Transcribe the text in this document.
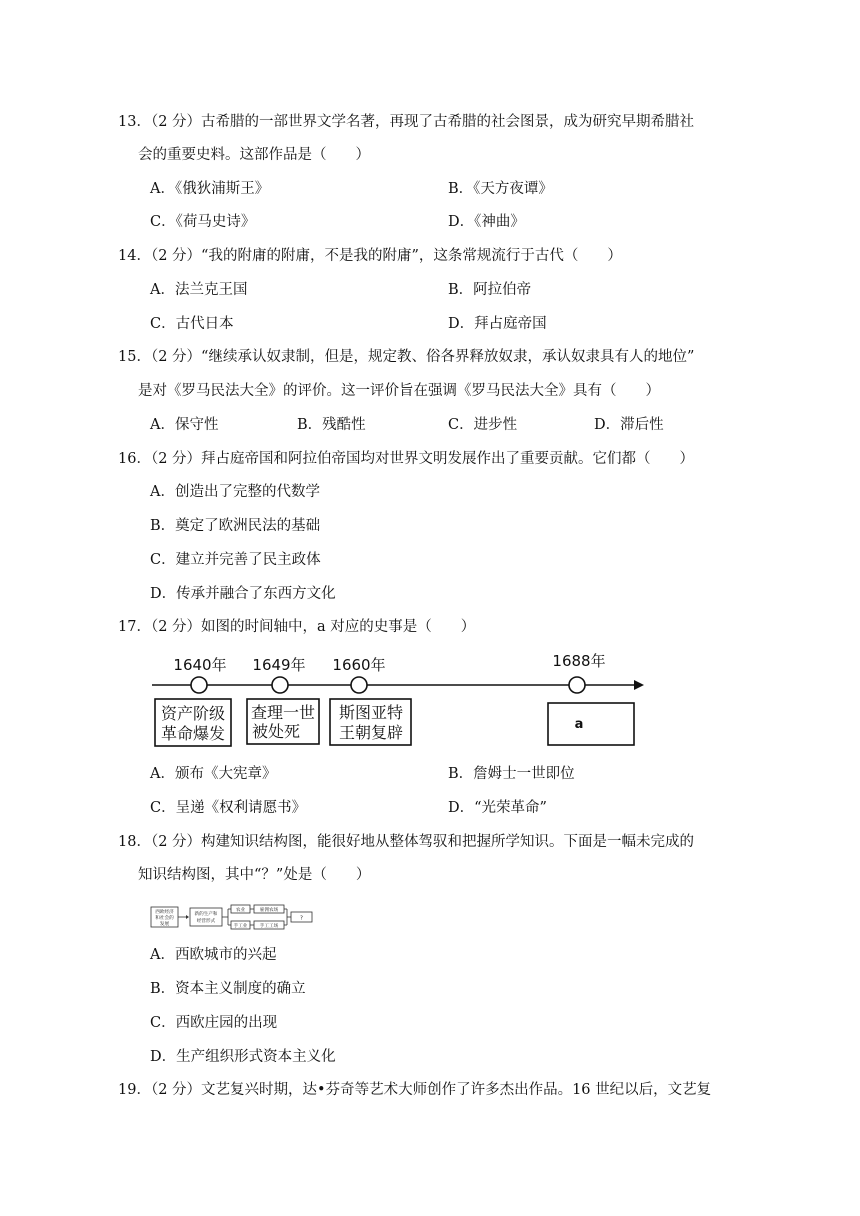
13．（2 分）古希腊的一部世界文学名著，再现了古希腊的社会图景，成为研究早期希腊社
会的重要史料。这部作品是（　　）
A．《俄狄浦斯王》	B．《天方夜谭》
C．《荷马史诗》	D．《神曲》
14．（2 分）“我的附庸的附庸，不是我的附庸”，这条常规流行于古代（　　）
A．法兰克王国	B．阿拉伯帝
C．古代日本	D．拜占庭帝国
15．（2 分）“继续承认奴隶制，但是，规定教、俗各界释放奴隶，承认奴隶具有人的地位”
是对《罗马民法大全》的评价。这一评价旨在强调《罗马民法大全》具有（　　）
A．保守性	B．残酷性	C．进步性	D．滞后性
16．（2 分）拜占庭帝国和阿拉伯帝国均对世界文明发展作出了重要贡献。它们都（　　）
A．创造出了完整的代数学
B．奠定了欧洲民法的基础
C．建立并完善了民主政体
D．传承并融合了东西方文化
17．（2 分）如图的时间轴中，a 对应的史事是（　　）
1640年 1649年 1660年	1688年
资产阶级
革命爆发
查理一世
被处死
斯图亚特
王朝复辟	a
A．颁布《大宪章》	B．詹姆士一世即位
C．呈递《权利请愿书》	D．“光荣革命”
18．（2 分）构建知识结构图，能很好地从整体驾驭和把握所学知识。下面是一幅未完成的
知识结构图，其中“？”处是（　　）
西欧经济
和社会的
发展
新的生产和
经营形式
农业	雇佣农场
手工业	手工工场
?
A．西欧城市的兴起
B．资本主义制度的确立
C．西欧庄园的出现
D．生产组织形式资本主义化
19．（2 分）文艺复兴时期，达•芬奇等艺术大师创作了许多杰出作品。16 世纪以后，文艺复
